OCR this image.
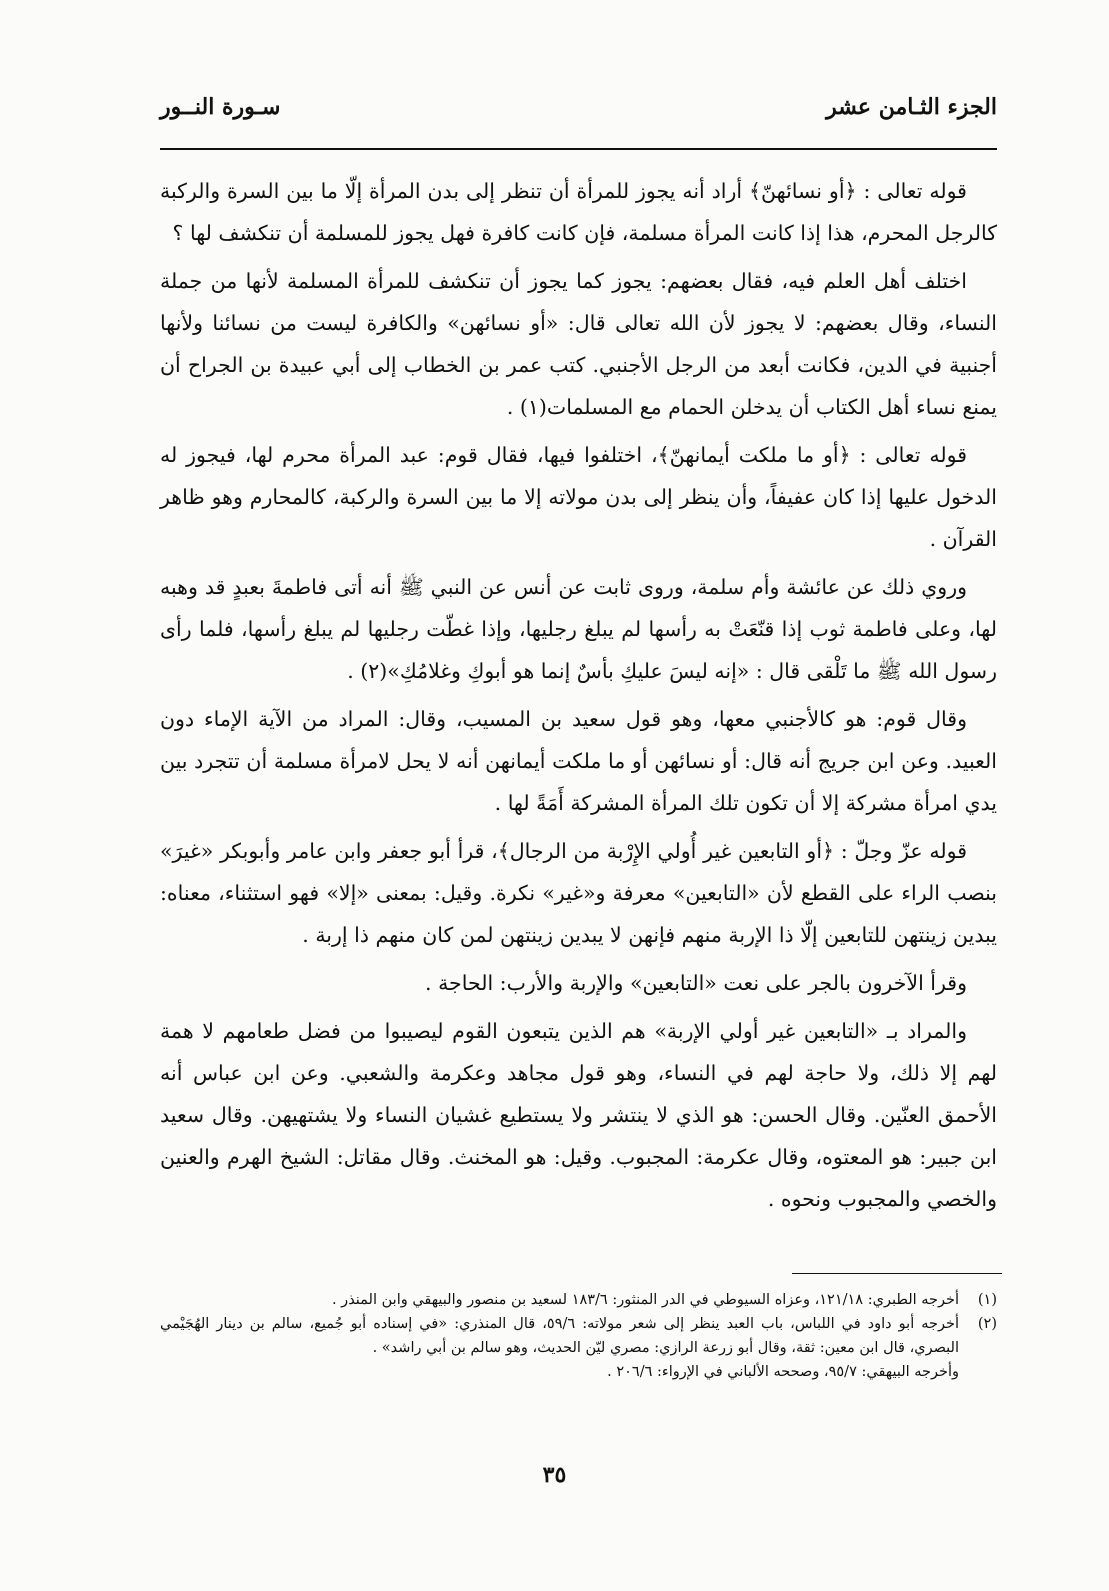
الجزء الثـامن عشر
سـورة النــور

قوله تعالى : ﴿أو نسائهنّ﴾ أراد أنه يجوز للمرأة أن تنظر إلى بدن المرأة إلّا ما بين السرة والركبة كالرجل المحرم، هذا إذا كانت المرأة مسلمة، فإن كانت كافرة فهل يجوز للمسلمة أن تنكشف لها ؟

اختلف أهل العلم فيه، فقال بعضهم: يجوز كما يجوز أن تنكشف للمرأة المسلمة لأنها من جملة النساء، وقال بعضهم: لا يجوز لأن الله تعالى قال: «أو نسائهن» والكافرة ليست من نسائنا ولأنها أجنبية في الدين، فكانت أبعد من الرجل الأجنبي. كتب عمر بن الخطاب إلى أبي عبيدة بن الجراح أن يمنع نساء أهل الكتاب أن يدخلن الحمام مع المسلمات(١) .

قوله تعالى : ﴿أو ما ملكت أيمانهنّ﴾، اختلفوا فيها، فقال قوم: عبد المرأة محرم لها، فيجوز له الدخول عليها إذا كان عفيفاً، وأن ينظر إلى بدن مولاته إلا ما بين السرة والركبة، كالمحارم وهو ظاهر القرآن .

وروي ذلك عن عائشة وأم سلمة، وروى ثابت عن أنس عن النبي ﷺ أنه أتى فاطمةَ بعبدٍ قد وهبه لها، وعلى فاطمة ثوب إذا قنّعَتْ به رأسها لم يبلغ رجليها، وإذا غطّت رجليها لم يبلغ رأسها، فلما رأى رسول الله ﷺ ما تَلْقى قال : «إنه ليسَ عليكِ بأسٌ إنما هو أبوكِ وغلامُكِ»(٢) .

وقال قوم: هو كالأجنبي معها، وهو قول سعيد بن المسيب، وقال: المراد من الآية الإماء دون العبيد. وعن ابن جريج أنه قال: أو نسائهن أو ما ملكت أيمانهن أنه لا يحل لامرأة مسلمة أن تتجرد بين يدي امرأة مشركة إلا أن تكون تلك المرأة المشركة أَمَةً لها .

قوله عزّ وجلّ : ﴿أو التابعين غير أُولي الإِرْبة من الرجال﴾، قرأ أبو جعفر وابن عامر وأبوبكر «غيرَ» بنصب الراء على القطع لأن «التابعين» معرفة و«غير» نكرة. وقيل: بمعنى «إلا» فهو استثناء، معناه: يبدين زينتهن للتابعين إلّا ذا الإربة منهم فإنهن لا يبدين زينتهن لمن كان منهم ذا إربة .

وقرأ الآخرون بالجر على نعت «التابعين» والإربة والأرب: الحاجة .

والمراد بـ «التابعين غير أولي الإربة» هم الذين يتبعون القوم ليصيبوا من فضل طعامهم لا همة لهم إلا ذلك، ولا حاجة لهم في النساء، وهو قول مجاهد وعكرمة والشعبي. وعن ابن عباس أنه الأحمق العنّين. وقال الحسن: هو الذي لا ينتشر ولا يستطيع غشيان النساء ولا يشتهيهن. وقال سعيد ابن جبير: هو المعتوه، وقال عكرمة: المجبوب. وقيل: هو المخنث. وقال مقاتل: الشيخ الهرم والعنين والخصي والمجبوب ونحوه .

(١)
أخرجه الطبري: ١٢١/١٨، وعزاه السيوطي في الدر المنثور: ١٨٣/٦ لسعيد بن منصور والبيهقي وابن المنذر .
(٢)
أخرجه أبو داود في اللباس، باب العبد ينظر إلى شعر مولاته: ٥٩/٦، قال المنذري: «في إسناده أبو جُميع، سالم بن دينار الهُجَيْمي البصري، قال ابن معين: ثقة، وقال أبو زرعة الرازي: مصري ليّن الحديث، وهو سالم بن أبي راشد» .
وأخرجه البيهقي: ٩٥/٧، وصححه الألباني في الإرواء: ٢٠٦/٦ .
٣٥
